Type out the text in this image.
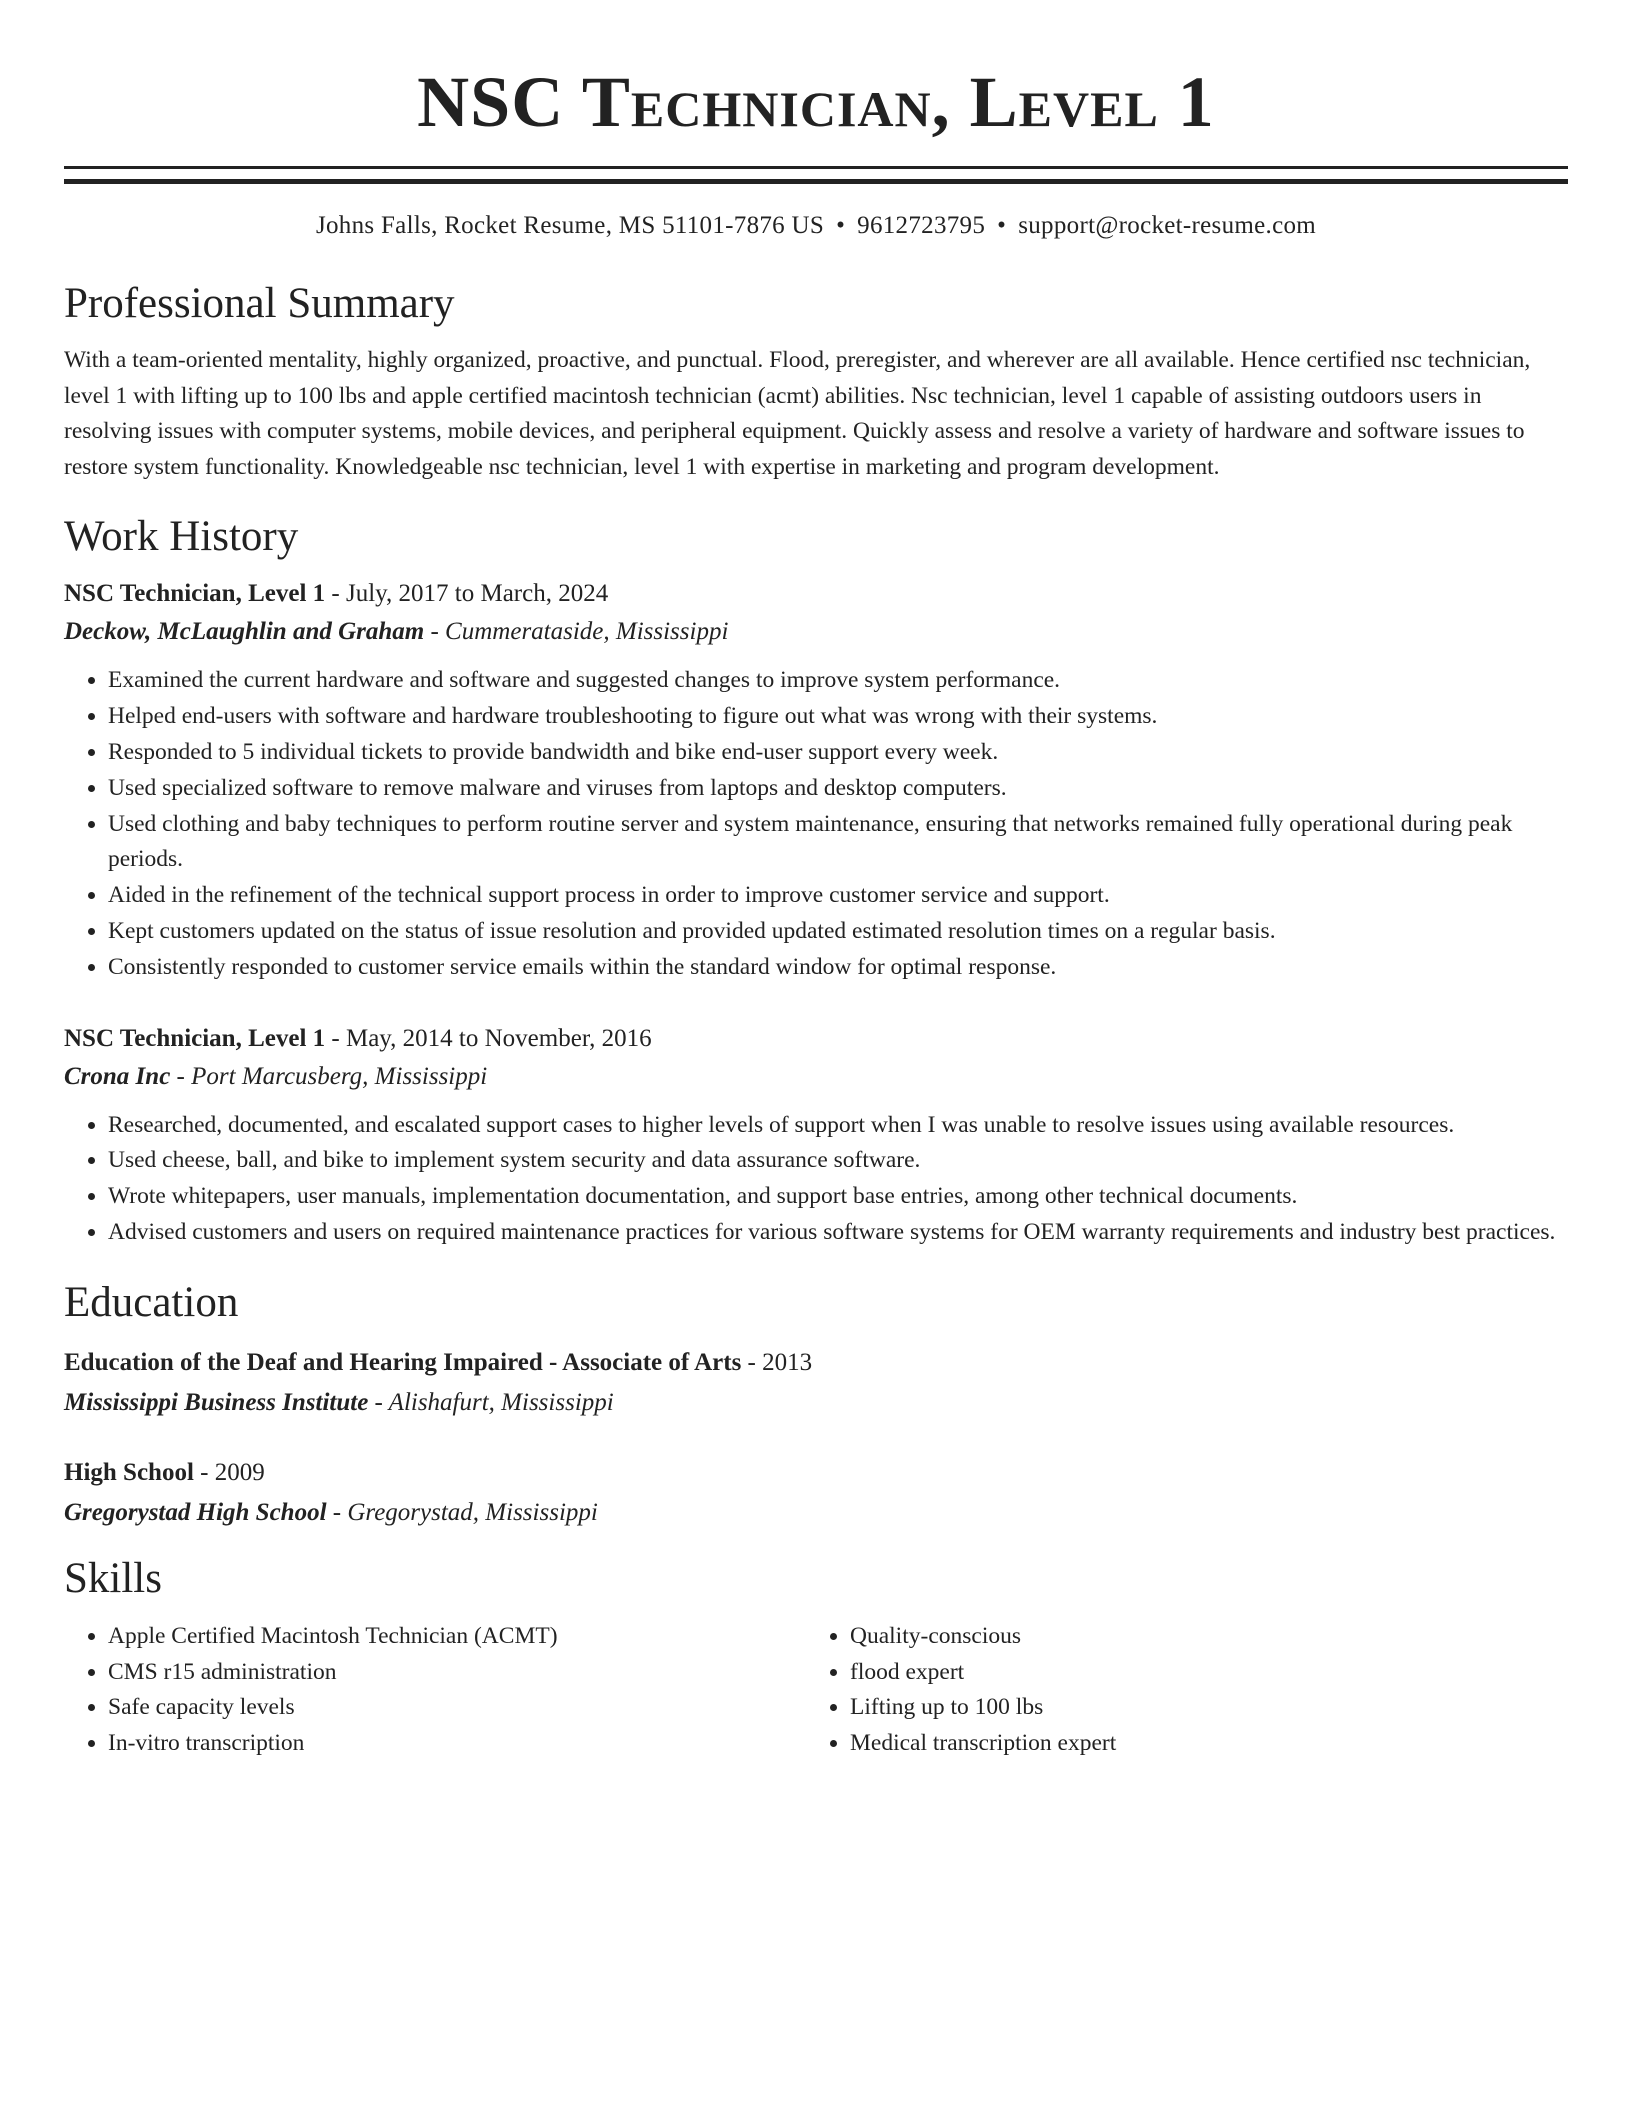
NSC Technician, Level 1
Johns Falls, Rocket Resume, MS 51101-7876 US • 9612723795 • support@rocket-resume.com
Professional Summary

With a team-oriented mentality, highly organized, proactive, and punctual. Flood, preregister, and wherever are all available. Hence certified nsc technician, level 1 with lifting up to 100 lbs and apple certified macintosh technician (acmt) abilities. Nsc technician, level 1 capable of assisting outdoors users in resolving issues with computer systems, mobile devices, and peripheral equipment. Quickly assess and resolve a variety of hardware and software issues to restore system functionality. Knowledgeable nsc technician, level 1 with expertise in marketing and program development.

Work History
NSC Technician, Level 1 - July, 2017 to March, 2024
Deckow, McLaughlin and Graham - Cummerataside, Mississippi
• Examined the current hardware and software and suggested changes to improve system performance.
• Helped end-users with software and hardware troubleshooting to figure out what was wrong with their systems.
• Responded to 5 individual tickets to provide bandwidth and bike end-user support every week.
• Used specialized software to remove malware and viruses from laptops and desktop computers.
• Used clothing and baby techniques to perform routine server and system maintenance, ensuring that networks remained fully operational during peak periods.
• Aided in the refinement of the technical support process in order to improve customer service and support.
• Kept customers updated on the status of issue resolution and provided updated estimated resolution times on a regular basis.
• Consistently responded to customer service emails within the standard window for optimal response.
NSC Technician, Level 1 - May, 2014 to November, 2016
Crona Inc - Port Marcusberg, Mississippi
• Researched, documented, and escalated support cases to higher levels of support when I was unable to resolve issues using available resources.
• Used cheese, ball, and bike to implement system security and data assurance software.
• Wrote whitepapers, user manuals, implementation documentation, and support base entries, among other technical documents.
• Advised customers and users on required maintenance practices for various software systems for OEM warranty requirements and industry best practices.
Education
Education of the Deaf and Hearing Impaired - Associate of Arts - 2013
Mississippi Business Institute - Alishafurt, Mississippi
High School - 2009
Gregorystad High School - Gregorystad, Mississippi
Skills
• Apple Certified Macintosh Technician (ACMT)
• CMS r15 administration
• Safe capacity levels
• In-vitro transcription
• Quality-conscious
• flood expert
• Lifting up to 100 lbs
• Medical transcription expert
